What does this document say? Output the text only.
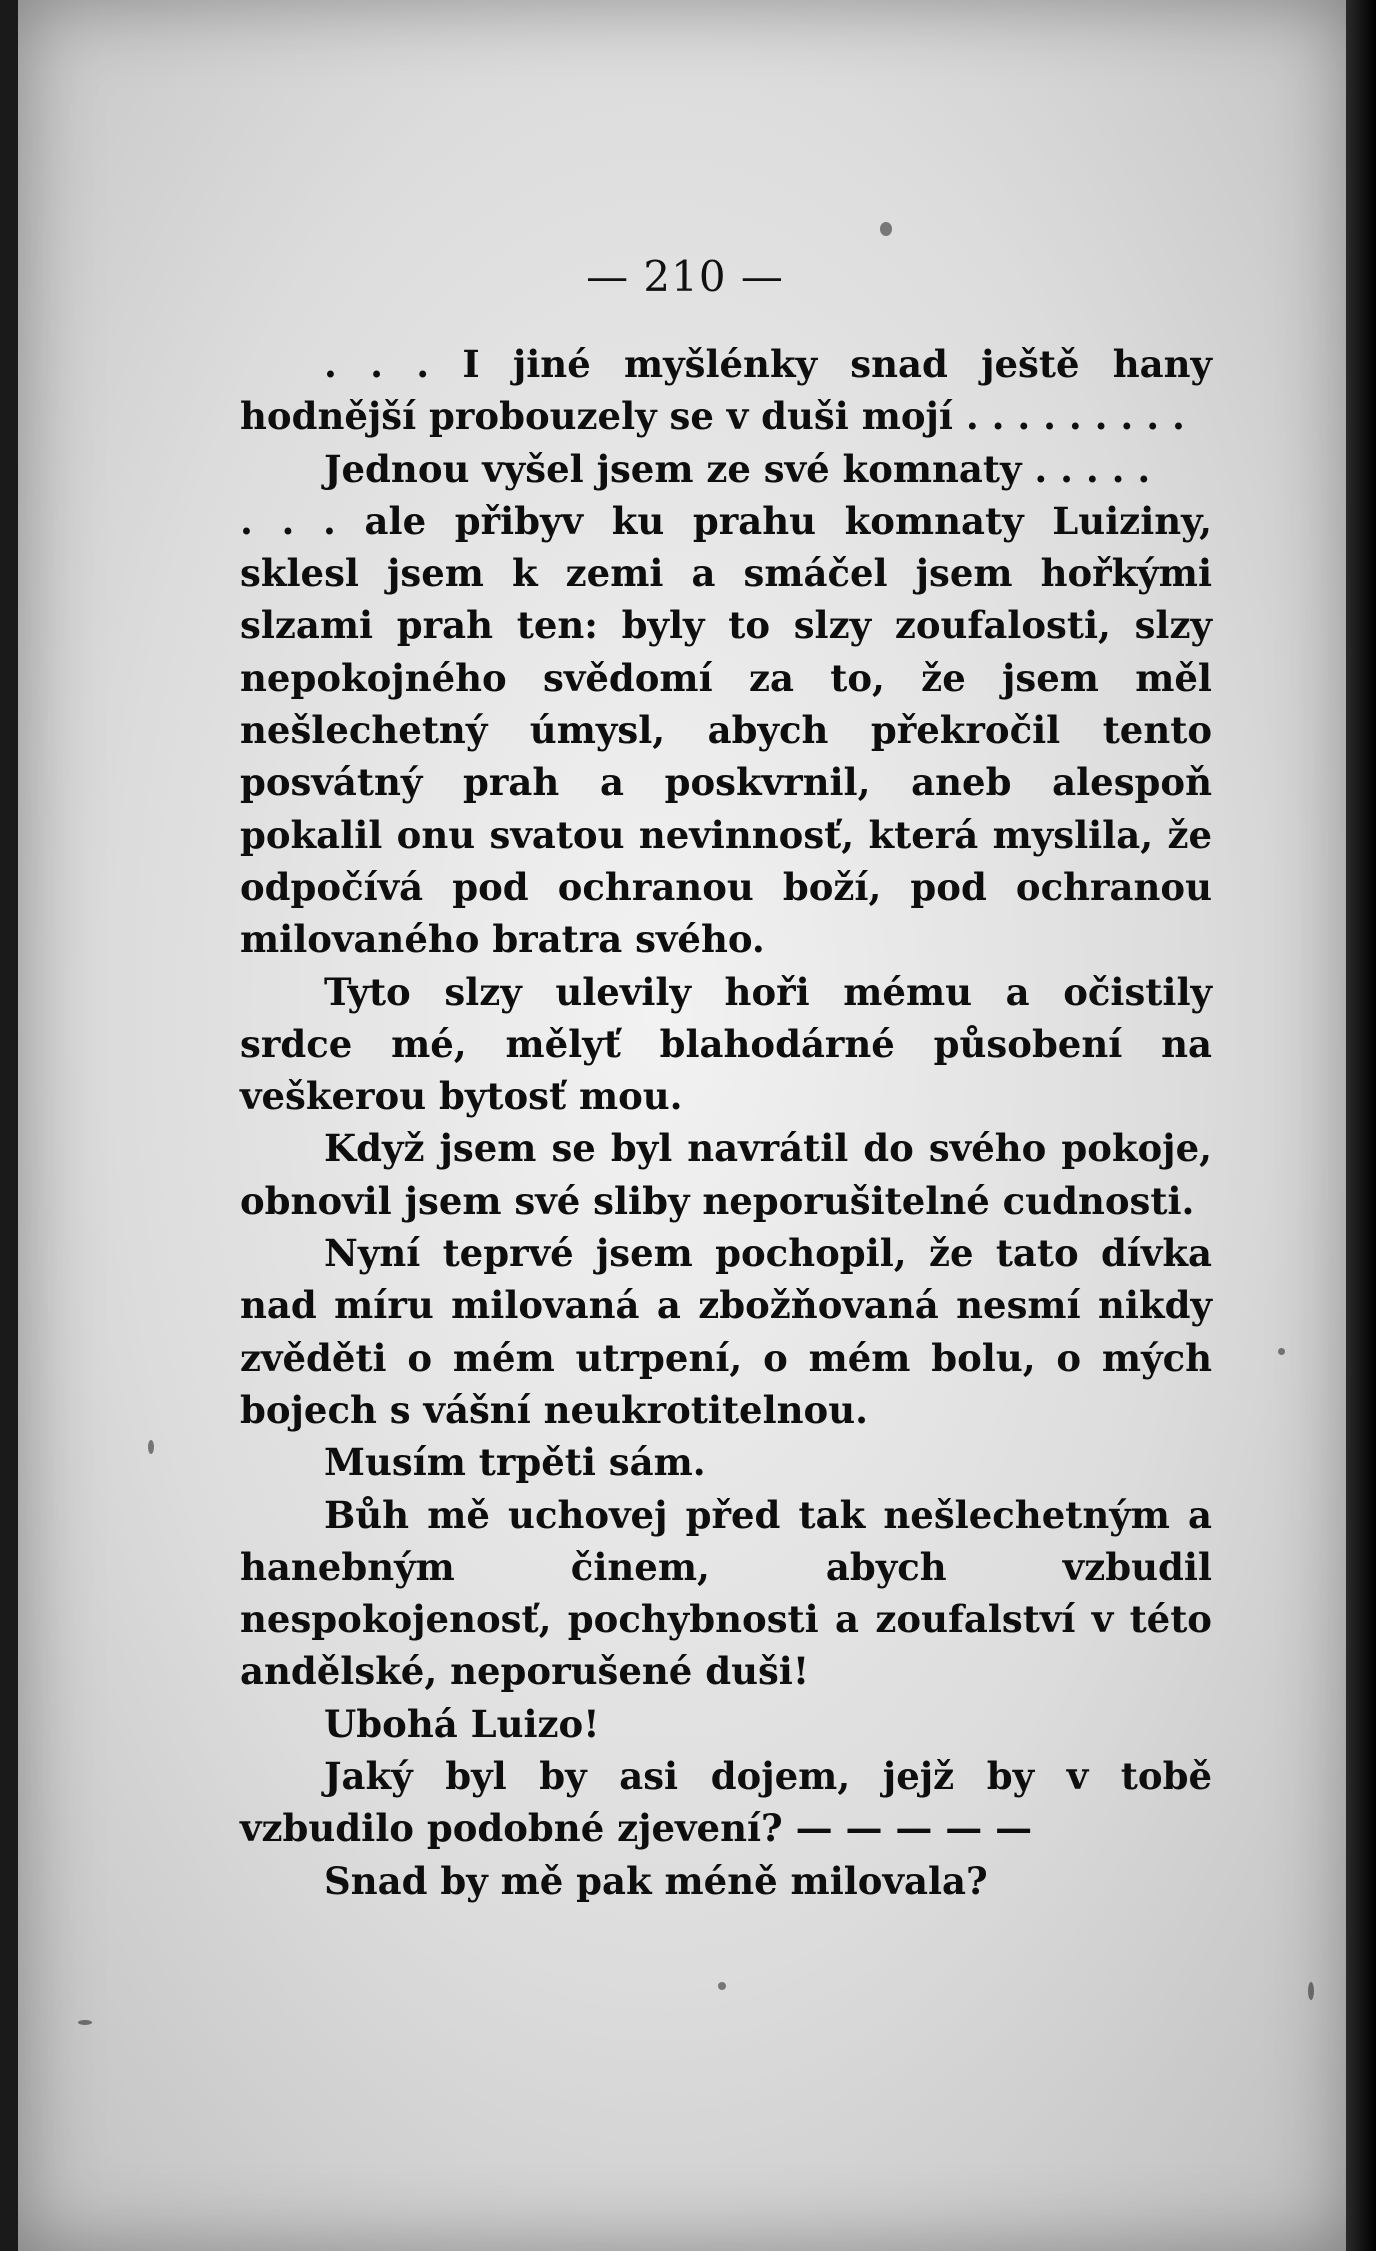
— 210 —

. . . I jiné myšlénky snad ještě hany hodnější probouzely se v duši mojí . . . . . . . . .

Jednou vyšel jsem ze své komnaty . . . . .

. . . ale přibyv ku prahu komnaty Luiziny, sklesl jsem k zemi a smáčel jsem hořkými slzami prah ten: byly to slzy zoufalosti, slzy nepokojného svědomí za to, že jsem měl nešlechetný úmysl, abych překročil tento posvátný prah a poskvrnil, aneb alespoň pokalil onu svatou nevinnosť, která myslila, že odpočívá pod ochranou boží, pod ochranou milovaného bratra svého.

Tyto slzy ulevily hoři mému a očistily srdce mé, mělyť blahodárné působení na veškerou bytosť mou.

Když jsem se byl navrátil do svého pokoje, obnovil jsem své sliby neporušitelné cudnosti.

Nyní teprvé jsem pochopil, že tato dívka nad míru milovaná a zbožňovaná nesmí nikdy zvěděti o mém utrpení, o mém bolu, o mých bojech s vášní neukrotitelnou.

Musím trpěti sám.

Bůh mě uchovej před tak nešlechetným a hanebným činem, abych vzbudil nespokojenosť, pochybnosti a zoufalství v této andělské, neporušené duši!

Ubohá Luizo!

Jaký byl by asi dojem, jejž by v tobě vzbudilo podobné zjevení? — — — — —

Snad by mě pak méně milovala?
